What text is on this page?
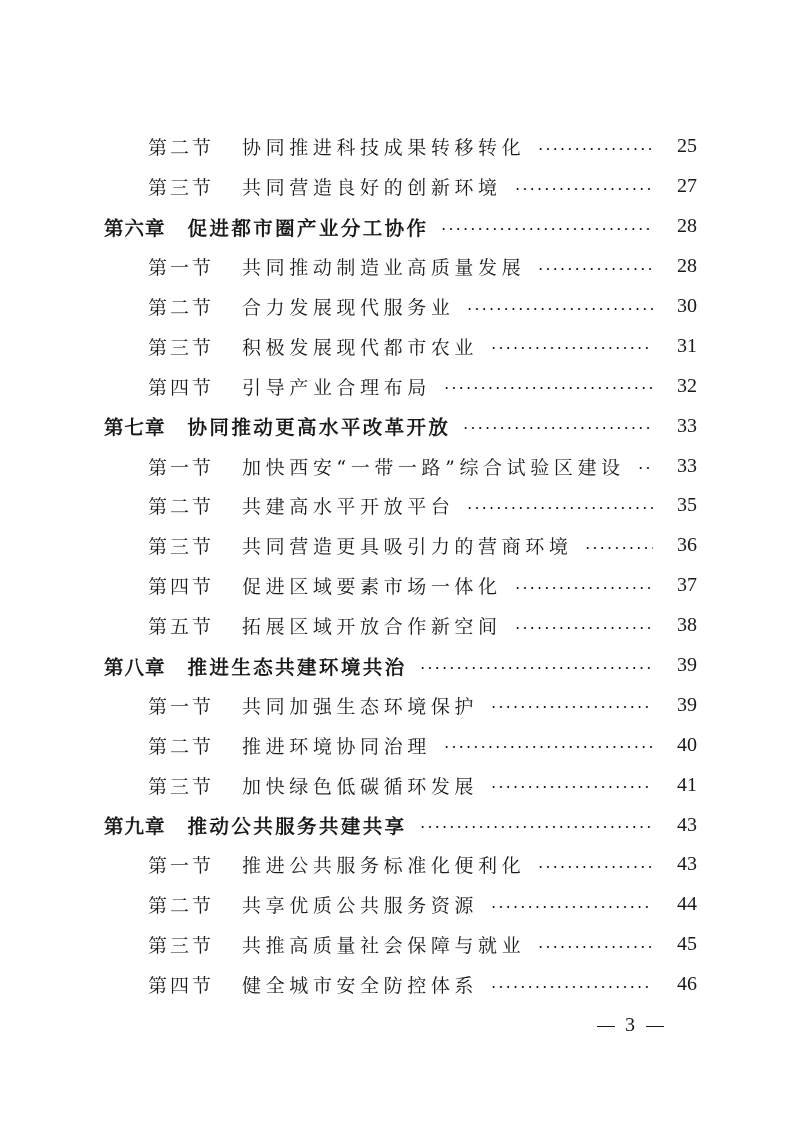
第二节 协同推进科技成果转移转化	25
第三节 共同营造良好的创新环境	27
第六章 促进都市圈产业分工协作	28
第一节 共同推动制造业高质量发展	28
第二节 合力发展现代服务业	30
第三节 积极发展现代都市农业	31
第四节 引导产业合理布局	32
第七章 协同推动更高水平改革开放	33
第一节 加快西安“一带一路”综合试验区建设	33
第二节 共建高水平开放平台	35
第三节 共同营造更具吸引力的营商环境	36
第四节 促进区域要素市场一体化	37
第五节 拓展区域开放合作新空间	38
第八章 推进生态共建环境共治	39
第一节 共同加强生态环境保护	39
第二节 推进环境协同治理	40
第三节 加快绿色低碳循环发展	41
第九章 推动公共服务共建共享	43
第一节 推进公共服务标准化便利化	43
第二节 共享优质公共服务资源	44
第三节 共推高质量社会保障与就业	45
第四节 健全城市安全防控体系	46
3
